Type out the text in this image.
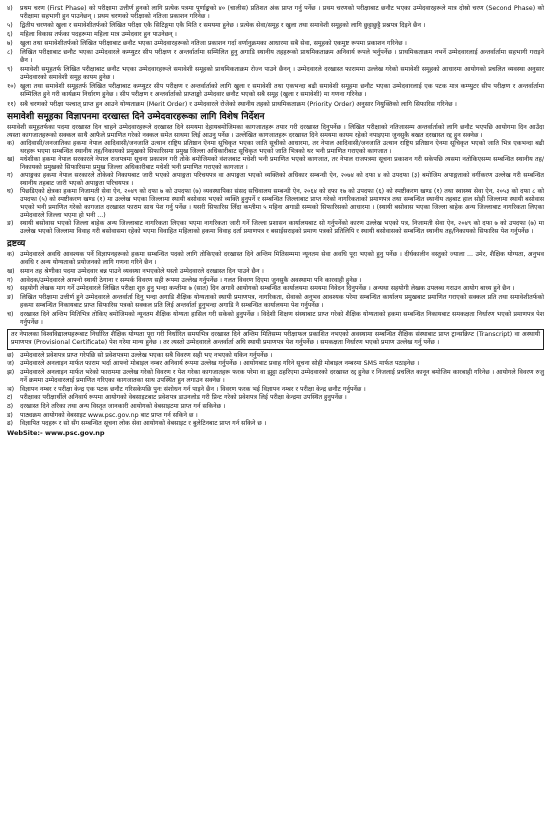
४)	प्रथम चरण (First Phase) को परीक्षामा उत्तीर्ण हुनको लागि प्रत्येक पत्रमा पूर्णाङ्कको ४० (चालीस) प्रतिशत अंक प्राप्त गर्नु पर्नेछ । प्रथम चरणको परीक्षाबाट छनौट भएका उम्मेदवारहरूले मात्र दोस्रो चरण (Second Phase) को परीक्षामा सहभागी हुन पाउनेछन् । प्रथम चरणको परीक्षाको नतिजा प्रकाशन गरिनेछ ।
५)	द्वितीय चरणको खुला र समावेशीतर्फको लिखित परीक्षा एकै सिटिङ्गमा एकै मिति र समयमा हुनेछ । प्रत्येक सेवा/समूह र खुला तथा समावेशी समूहको लागि छुट्टाछुट्टै प्रश्नपत्र दिइने छैन ।
६)	महिला विकास तर्फका पदहरूमा महिला मात्र उम्मेदवार हुन पाउनेछन् ।
७)	खुला तथा समावेशीतर्फको लिखित परीक्षाबाट छनौट भएका उम्मेदवारहरूको नतिजा प्रकाशन गर्दा वर्णानुक्रमका आधारमा सबै सेवा, समूहको एकमुष्ट रूपमा प्रकाशन गरिनेछ ।
८)	लिखित परीक्षाबाट छनौट भएका उम्मेदवारले कम्प्युटर सीप परीक्षण र अन्तर्वार्तामा सम्मिलित हुनु अगाडि स्थानीय तहहरूको प्राथमिकताक्रम अनिवार्य रूपले भर्नुपर्नेछ । प्राथमिकताक्रम नभर्ने उम्मेदवारलाई अन्तर्वार्तामा सहभागी गराइने छैन ।
९)	समावेशी समूहतर्फ लिखित परीक्षाबाट छनौट भएका उम्मेदवारहरूले समावेशी समूहको प्राथमिकताक्रम रोज्न पाउने छैनन् । उम्मेदवारले दरखास्त फाराममा उल्लेख गरेको समावेशी समूहको आधारमा आयोगको प्रचलित व्यवस्था अनुसार उम्मेदवारको समावेशी समूह कायम हुनेछ ।
१०) खुला तथा समावेशी समूहतर्फ लिखित परीक्षाबाट कम्प्युटर सीप परीक्षण र अन्तर्वार्ताको लागि खुला र समावेशी तथा एकभन्दा बढी समावेशी समूहमा छनौट भएका उम्मेदवारलाई एक पटक मात्र कम्प्युटर सीप परीक्षण र अन्तर्वार्तामा सम्मिलित हुने गरी कार्यक्रम निर्धारण हुनेछ । सीप परीक्षण र अन्तर्वार्ताको प्राप्ताङ्को उम्मेदवार छनौट भएको सबै समूह (खुला र समावेशी) मा गणना गरिनेछ ।
११) सबै चरणको परीक्षा पश्चात् प्राप्त हुन आउने योग्यताक्रम (Merit Order) र उम्मेदवारले रोजेको स्थानीय तहको प्राथमिकताक्रम (Priority Order) अनुसार नियुक्तिको लागि सिफारिस गरिनेछ ।
समावेशी समूहका विज्ञापनमा दरखास्त दिने उम्मेदवारहरूका लागि विशेष निर्देशन
समावेशी समूहतर्फका पदमा दरखास्त दिन चाहने उम्मेदवारहरूले दरखास्त दिने समयमा देहायबमोजिमका कागजातहरू तयार गरी दरखास्त दिनुपर्नेछ । लिखित परीक्षाको नतिजासम्म अन्तर्वार्ताको लागि छनौट भएपछि आयोगमा दिन आउँदा त्यस्ता कागजातहरूको सक्कल साथै आफैले प्रमाणित गरेको नक्कल समेत साथमा लिई आउनु पर्नेछ । उल्लेखित कागजातहरू दरखास्त दिने समयमा कायम रहेको नपाइएमा जुनसुकै बखत दरखास्त रद्द हुन सक्नेछ ।
क) आदिवासी/जनजातिका हकमा नेपाल आदिवासी/जनजाति उत्थान राष्ट्रिय प्रतिष्ठान ऐनमा सूचिकृत भएका जाति सूचीको आधारमा, तर नेपाल आदिवासी/जनजाति उत्थान राष्ट्रिय प्रतिष्ठान ऐनमा सूचिकृत भएको जाति भित्र एकभन्दा बढी थरहरू भएमा सम्बन्धित स्थानीय तह/निकायको प्रमुखको सिफारिसमा प्रमुख जिल्ला अधिकारीबाट सूचिकृत भएको जाति भित्रको थर भनी प्रमाणित गराएको कागजात ।
ख) मधेशीका हकमा नेपाल सरकारले नेपाल राजपत्रमा सूचना प्रकाशन गरी तोके बमोजिमको वंशजबाट मधेशी भनी प्रमाणित भएको कागजात, तर नेपाल राजपत्रमा सूचना प्रकाशन गरी सकेपछि त्यसमा नतोकिएसम्म सम्बन्धित स्थानीय तह/निकायको प्रमुखको सिफारिसमा प्रमुख जिल्ला अधिकारीबाट मधेशी भनी प्रमाणित गराएको कागजात ।
ग)	अपाङ्गका हकमा नेपाल सरकारले तोकेको निकायबाट जारी भएको अपाङ्गता परिचयपत्र वा अपाङ्गता भएको व्यक्तिको अधिकार सम्बन्धी ऐन, २०७४ को दफा ४ को उपदफा (३) बमोजिम अपाङ्गताको वर्गीकरण उल्लेख गरी सम्बन्धित स्थानीय तहबाट जारी भएको अपाङ्गता परिचयपत्र ।
घ)	पिछडिएको क्षेत्रका हकमा निजामती सेवा ऐन, २०४९ को दफा ७ को उपदफा (७) व्यवस्थापिका संसद सचिवालय सम्बन्धी ऐन, २०६४ को दफा १७ को उपदफा (६) को स्पष्टीकरण खण्ड (१) तथा स्वास्थ्य सेवा ऐन, २०५३ को दफा ८ को उपदफा (५) को स्पष्टीकरण खण्ड (१) मा उल्लेख भएका जिल्लामा स्थायी बसोवास भएको व्यक्ति हुनुपर्ने र सम्बन्धित जिल्लाबाट प्राप्त गरेको नागरिकताको प्रमाणपत्र तथा सम्बन्धित स्थानीय तहबाट हाल सोही जिल्लामा स्थायी बसोवास भएको भनी प्रमाणित गरेको कागजात दरखास्त फाराम साथ पेश गर्नु पर्नेछ । यसरी सिफारिस लिँदा कम्तीमा ५ महिना अगाडी सम्मको सिफारिसको आधारमा । (स्थायी बसोवास भएका जिल्ला बाहेक अन्य जिल्लाबाट नागरिकता लिएका उम्मेदवारले जिल्ला भएमा हो भनी ...)
ङ)	स्थायी बसोवास भएको जिल्ला बाहेक अन्य जिल्लाबाट नागरिकता लिएका भएमा नागरिकता जारी गर्ने जिल्ला प्रशासन कार्यालयबाट सो गर्नुपर्नेको कारण उल्लेख भएको पत्र, निजामती सेवा ऐन, २०४९ को दफा ७ को उपदफा (७) मा उल्लेख भएको जिल्लामा विवाह गरी बसोवासमा रहेको भएमा विवाहित महिलाको हकमा विवाह दर्ता प्रमाणपत्र र बसाईसराइको प्रमाण पत्रको प्रतिलिपि र स्थायी बसोवासको सम्बन्धित स्थानीय तह/निकायको सिफारिस पेश गर्नुपर्नेछ ।
द्रष्टव्य
क) उम्मेदवारले अवधि आवश्यक पर्ने विज्ञापनहरूको हकमा सम्बन्धित पदको लागि तोकिएको दरखास्त दिने अन्तिम मितिसम्ममा न्यूनतम सेवा अवधि पूरा भएको हुनु पर्नेछ । दीर्घकालीन वस्तुको ज्याला ... उमेर, शैक्षिक योग्यता, अनुभव अवधि र अन्य योग्यताको प्रयोजनको लागि गणना गरिने छैन ।
ख) समान तह श्रेणीका पदमा उम्मेदवार बन्न पाउने व्यवस्था नभएकोले यस्तो उम्मेदवारले दरखास्त दिन पाउने छैन ।
ग)	आवेदक/उम्मेदवारले आफ्नो स्थायी ठेगाना र सम्पर्क विवरण सही रूपमा उल्लेख गर्नुपर्नेछ । गलत विवरण दिएमा जुनसुकै अवस्थामा पनि कारवाही हुनेछ ।
घ)	सहयोगी लेखक माग गर्ने उम्मेदवारले लिखित परीक्षा शुरु हुनु भन्दा कम्तीमा ७ (सात) दिन अगावै आयोगको सम्बन्धित कार्यालयमा समयमा निवेदन दिनुपर्नेछ । अन्यथा सहयोगी लेखक उपलब्ध गराउन आयोग बाध्य हुने छैन ।
ङ)	लिखित परीक्षामा उत्तीर्ण हुने उम्मेदवारले अन्तर्वार्ता दिनु भन्दा अगाडि शैक्षिक योग्यताको स्थायी प्रमाणपत्र, नागरिकता, सेवाको अनुभव आवश्यक परेमा सम्बन्धित कार्यालय प्रमुखबाट प्रमाणित गराएको सक्कल प्रति तथा समावेशीतर्फको हकमा सम्बन्धित निकायबाट प्राप्त सिफारिस पत्रको सक्कल प्रति लिई अन्तर्वार्ता हुनुभन्दा अगाडि नै सम्बन्धित कार्यालयमा पेश गर्नुपर्नेछ ।
च)	दरखास्त दिने अन्तिम मितिभित्र तोकिए बमोजिमको न्यूनतम शैक्षिक योग्यता हासिल गरी सकेको हुनुपर्नेछ । विदेशी शिक्षण संस्थाबाट प्राप्त गरेको शैक्षिक योग्यताको हकमा सम्बन्धित निकायबाट समकक्षता निर्धारण भएको प्रमाणपत्र पेश गर्नुपर्नेछ ।
तर नेपालका विश्वविद्यालयहरूबाट निर्धारित शैक्षिक योग्यता पूरा गरी निर्धारित समयभित्र दरखास्त दिने अन्तिम मितिसम्म परीक्षाफल प्रकाशित नभएको अवस्थामा सम्बन्धित शैक्षिक संस्थाबाट प्राप्त ट्रान्सक्रिप्ट (Transcript) वा अस्थायी प्रमाणपत्र (Provisional Certificate) पेश गरेमा मान्य हुनेछ । तर त्यस्तो उम्मेदवारले अन्तर्वार्ता अघि स्थायी प्रमाणपत्र पेश गर्नुपर्नेछ । समकक्षता निर्धारण भएको प्रमाण उल्लेख गर्नु पर्नेछ ।
छ) उम्मेदवारले प्रवेशपत्र प्राप्त गरेपछि सो प्रवेशपत्रमा उल्लेख भएका सबै विवरण सही भए नभएको यकिन गर्नुपर्नेछ ।
ज) उम्मेदवारले अनलाइन मार्फत फाराम भर्दा आफ्नो मोबाइल नम्बर अनिवार्य रूपमा उल्लेख गर्नुपर्नेछ । आयोगबाट प्रवाह गरिने सूचना सोही मोबाइल नम्बरमा SMS मार्फत पठाइनेछ ।
झ) उम्मेदवारले अनलाइन मार्फत भरेको फाराममा उल्लेख गरेको विवरण र पेश गरेका कागजातहरू फरक परेमा वा झुट्टा ठहरिएमा उम्मेदवारको दरखास्त रद्द हुनेछ र निजलाई प्रचलित कानून बमोजिम कारबाही गरिनेछ । आयोगले विवरण रुजु गर्ने क्रममा उम्मेदवारलाई प्रमाणित गरिएका कागजातका साथ उपस्थित हुन लगाउन सक्नेछ ।
ञ) विज्ञापन नम्बर र परीक्षा केन्द्र एक पटक छनौट गरिसकेपछि पुनः संशोधन गर्न पाइने छैन । विवरण फरक भई विज्ञापन नम्बर र परीक्षा केन्द्र छनौट गर्नुपर्नेछ ।
ट)	परीक्षाका परीक्षार्थीले अनिवार्य रूपमा आयोगको वेबसाइटबाट प्रवेशपत्र डाउनलोड गरी प्रिन्ट गरेको प्रवेशपत्र लिई परीक्षा केन्द्रमा उपस्थित हुनुपर्नेछ ।
ठ)	दरखास्त दिने तरिका तथा अन्य विस्तृत जानकारी आयोगको वेबसाइटमा प्राप्त गर्न सकिनेछ ।
ड)	पाठ्यक्रम आयोगको वेबसाइट www.psc.gov.np बाट प्राप्त गर्न सकिने छ ।
ढ)	विज्ञापित पदहरू र सो सँग सम्बन्धित सूचना लोक सेवा आयोगको वेबसाइट र बुलेटिनबाट प्राप्त गर्न सकिने छ ।
WebSite:- www.psc.gov.np
